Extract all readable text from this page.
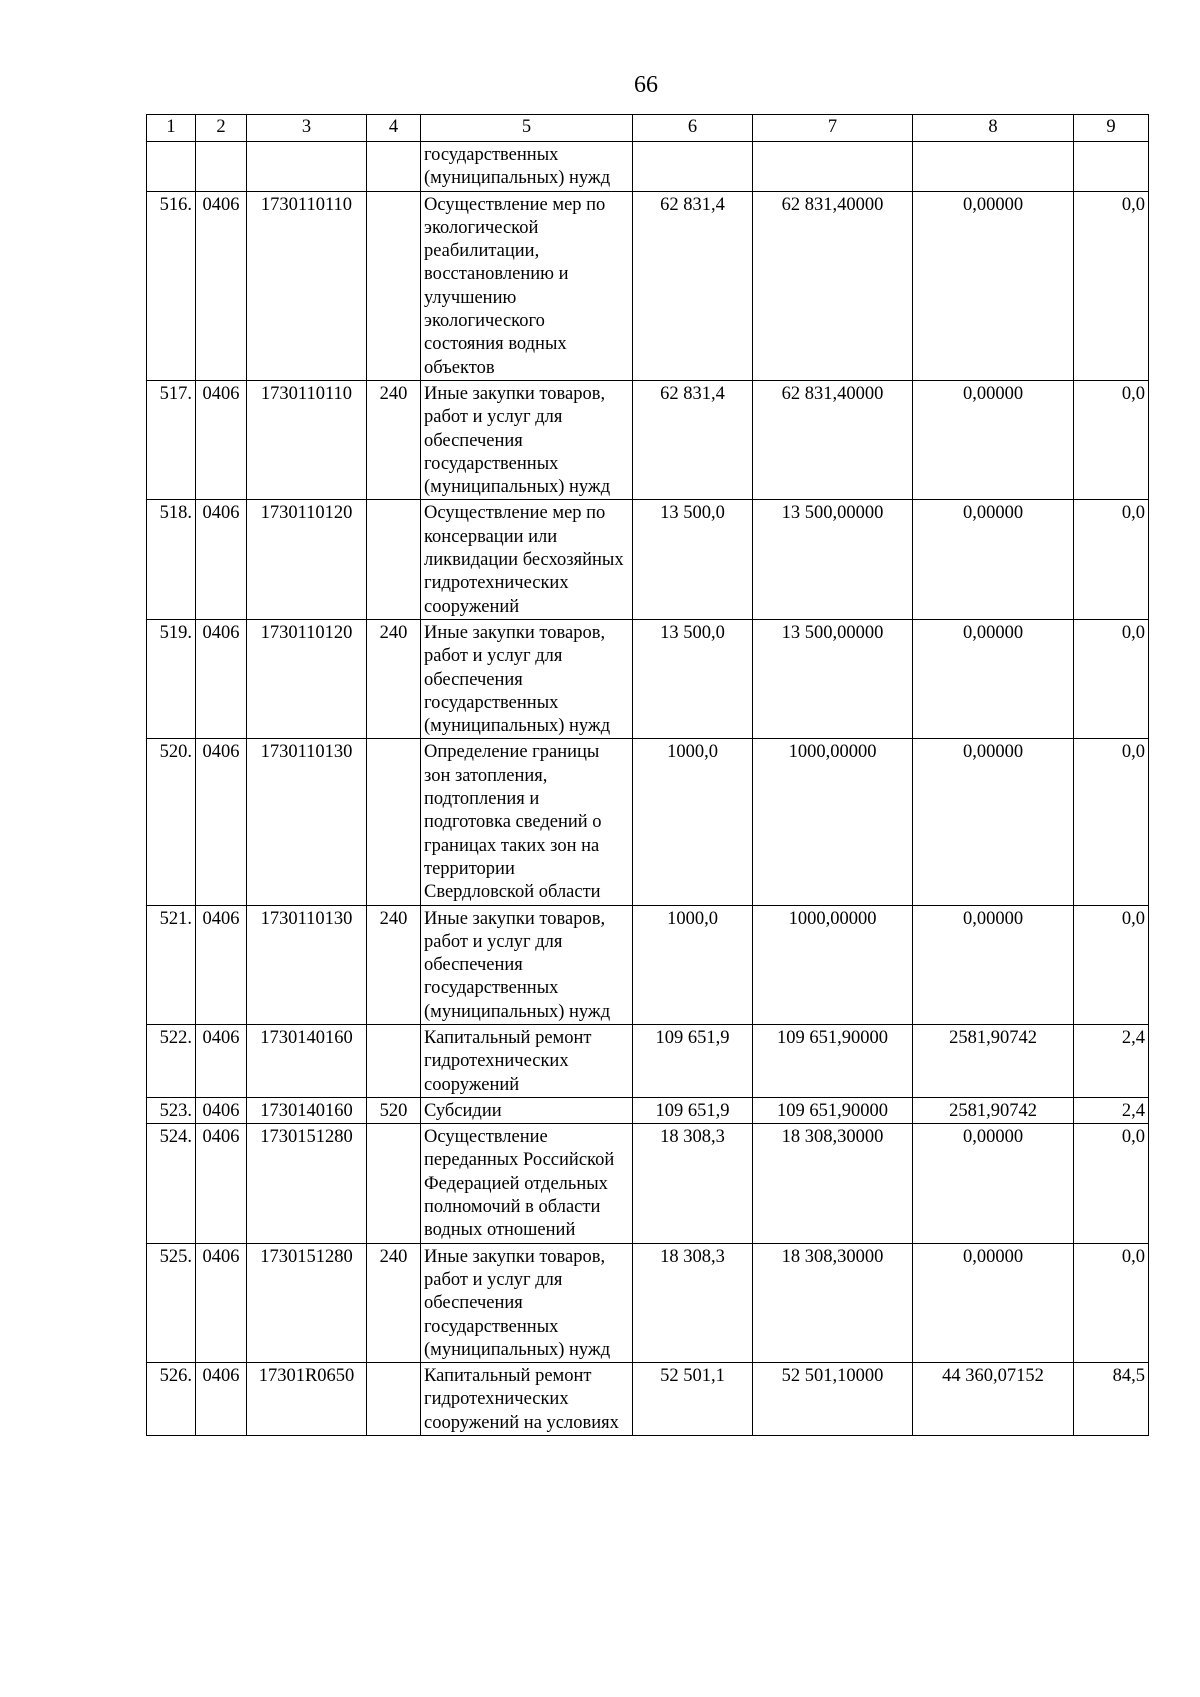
66
1	2	3	4	5	6	7	8	9
				государственных (муниципальных) нужд				
516.	0406	1730110110		Осуществление мер по экологической реабилитации, восстановлению и улучшению экологического состояния водных объектов	62 831,4	62 831,40000	0,00000	0,0
517.	0406	1730110110	240	Иные закупки товаров, работ и услуг для обеспечения государственных (муниципальных) нужд	62 831,4	62 831,40000	0,00000	0,0
518.	0406	1730110120		Осуществление мер по консервации или ликвидации бесхозяйных гидротехнических сооружений	13 500,0	13 500,00000	0,00000	0,0
519.	0406	1730110120	240	Иные закупки товаров, работ и услуг для обеспечения государственных (муниципальных) нужд	13 500,0	13 500,00000	0,00000	0,0
520.	0406	1730110130		Определение границы зон затопления, подтопления и подготовка сведений о границах таких зон на территории Свердловской области	1000,0	1000,00000	0,00000	0,0
521.	0406	1730110130	240	Иные закупки товаров, работ и услуг для обеспечения государственных (муниципальных) нужд	1000,0	1000,00000	0,00000	0,0
522.	0406	1730140160		Капитальный ремонт гидротехнических сооружений	109 651,9	109 651,90000	2581,90742	2,4
523.	0406	1730140160	520	Субсидии	109 651,9	109 651,90000	2581,90742	2,4
524.	0406	1730151280		Осуществление переданных Российской Федерацией отдельных полномочий в области водных отношений	18 308,3	18 308,30000	0,00000	0,0
525.	0406	1730151280	240	Иные закупки товаров, работ и услуг для обеспечения государственных (муниципальных) нужд	18 308,3	18 308,30000	0,00000	0,0
526.	0406	17301R0650		Капитальный ремонт гидротехнических сооружений на условиях	52 501,1	52 501,10000	44 360,07152	84,5
